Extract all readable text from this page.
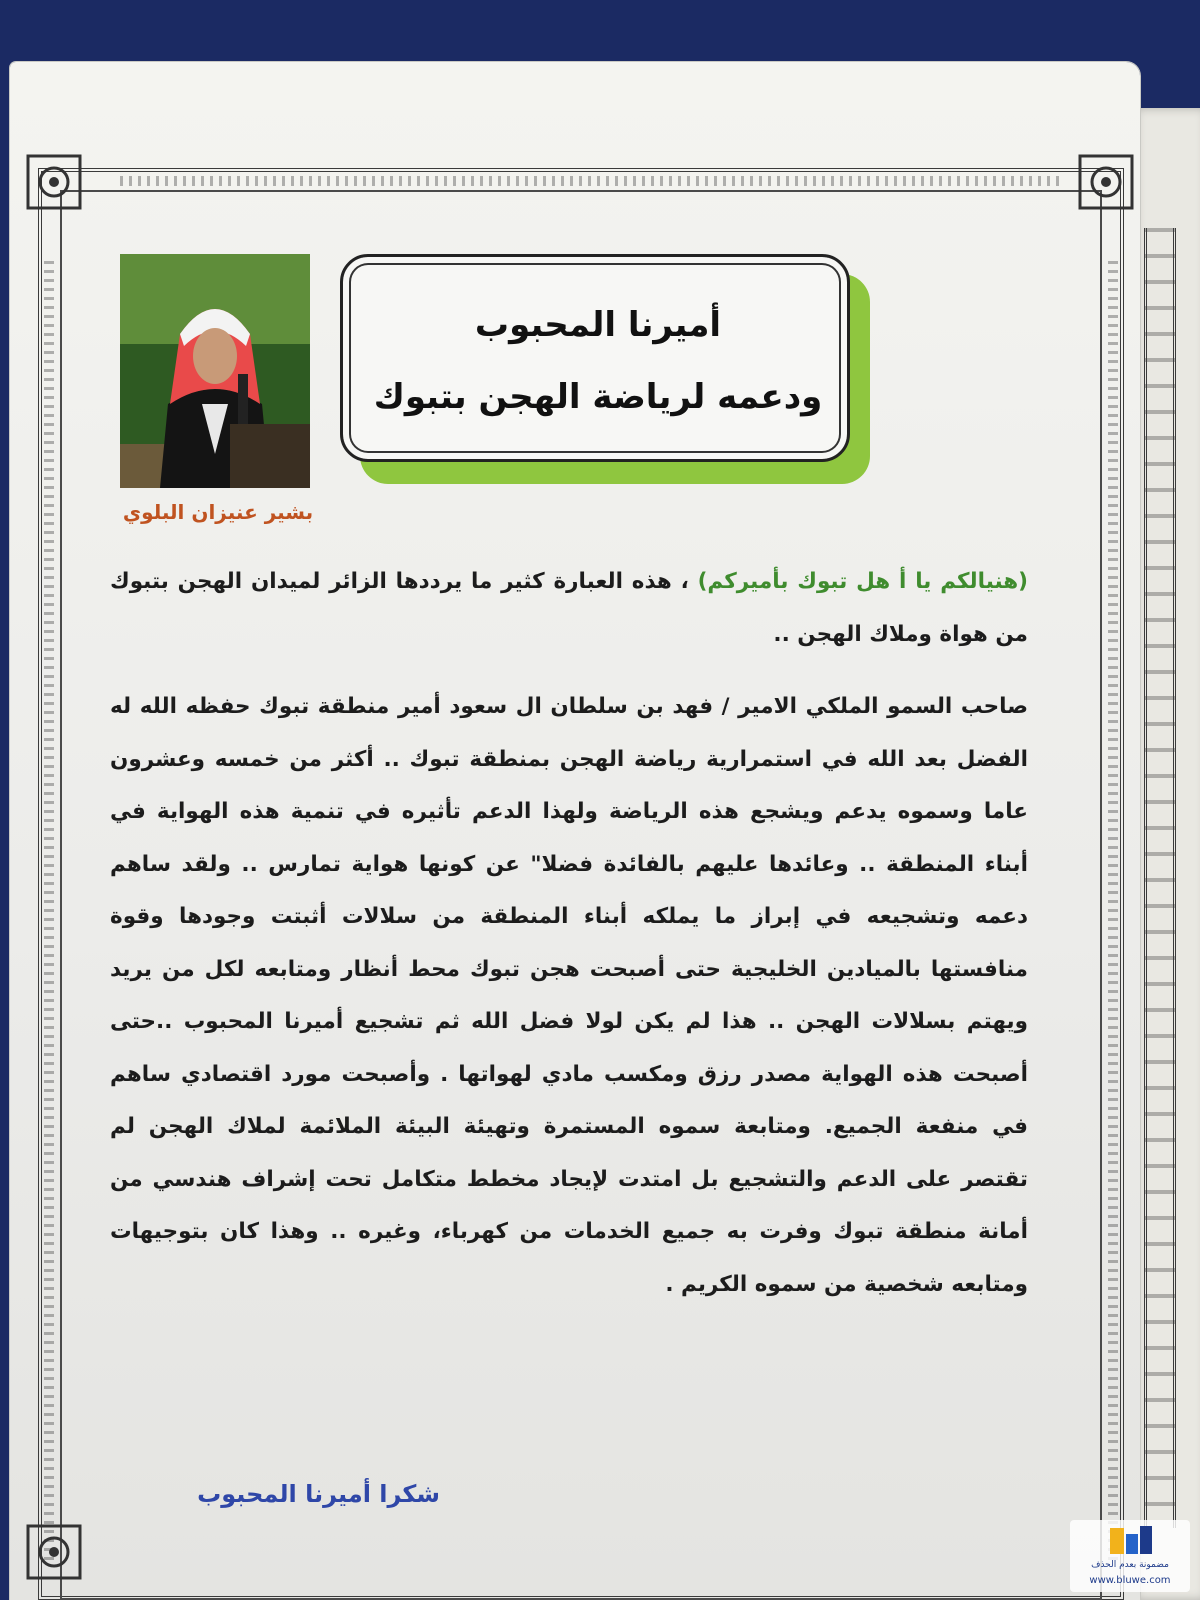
أميرنا المحبوب
ودعمه لرياضة الهجن بتبوك
بشير عنيزان البلوي

(هنيالكم يا أ هل تبوك بأميركم) ، هذه العبارة كثير ما يرددها الزائر لميدان الهجن بتبوك من هواة وملاك الهجن ..

صاحب السمو الملكي الامير / فهد بن سلطان ال سعود أمير منطقة تبوك حفظه الله له الفضل بعد الله في استمرارية رياضة الهجن بمنطقة تبوك .. أكثر من خمسه وعشرون عاما وسموه يدعم ويشجع هذه الرياضة ولهذا الدعم تأثيره في تنمية هذه الهواية في أبناء المنطقة .. وعائدها عليهم بالفائدة فضلا" عن كونها هواية تمارس .. ولقد ساهم دعمه وتشجيعه في إبراز ما يملكه أبناء المنطقة من سلالات أثبتت وجودها وقوة منافستها بالميادين الخليجية حتى أصبحت هجن تبوك محط أنظار ومتابعه لكل من يريد ويهتم بسلالات الهجن .. هذا لم يكن لولا فضل الله ثم تشجيع أميرنا المحبوب ..حتى أصبحت هذه الهواية مصدر رزق ومكسب مادي لهواتها . وأصبحت مورد اقتصادي ساهم في منفعة الجميع. ومتابعة سموه المستمرة وتهيئة البيئة الملائمة لملاك الهجن لم تقتصر على الدعم والتشجيع بل امتدت لإيجاد مخطط متكامل تحت إشراف هندسي من أمانة منطقة تبوك وفرت به جميع الخدمات من كهرباء، وغيره .. وهذا كان بتوجيهات ومتابعه شخصية من سموه الكريم .

شكرا أميرنا المحبوب
مضمونة بعدم الحذف
www.bluwe.com
